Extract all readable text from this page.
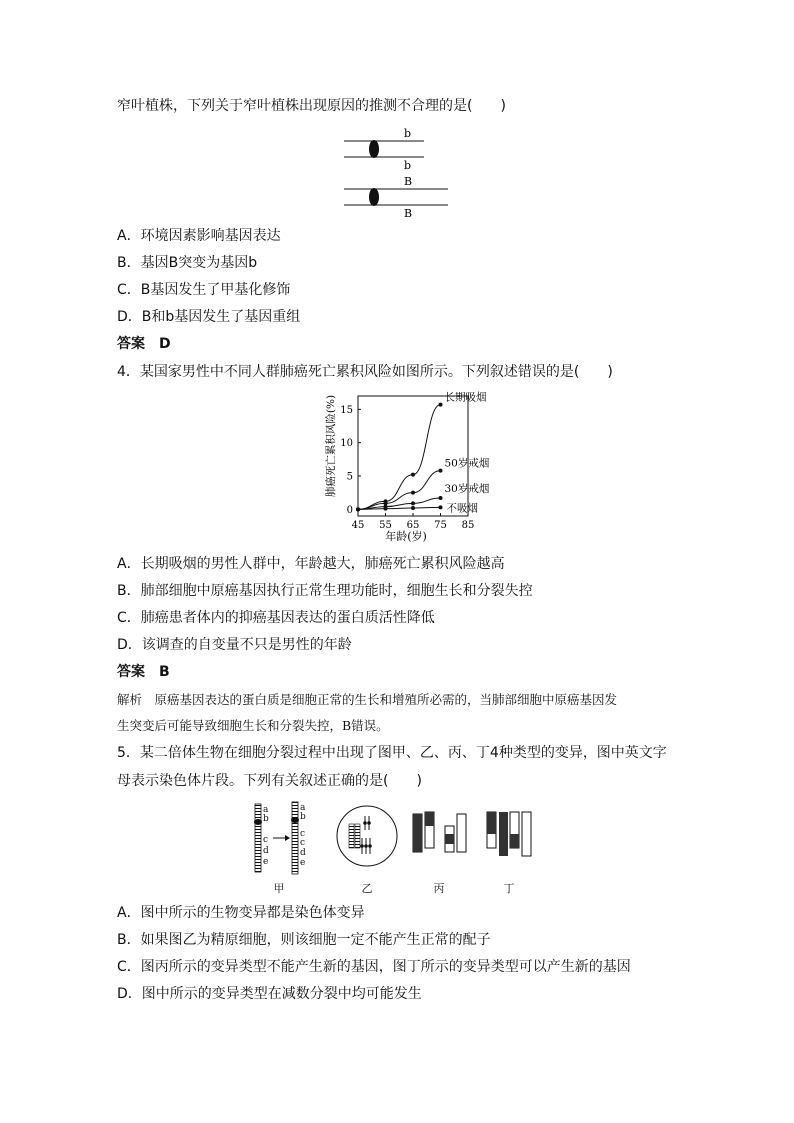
窄叶植株，下列关于窄叶植株出现原因的推测不合理的是(　　)
b
b
B
B
A．环境因素影响基因表达
B．基因B突变为基因b
C．B基因发生了甲基化修饰
D．B和b基因发生了基因重组
答案　D
4．某国家男性中不同人群肺癌死亡累积风险如图所示。下列叙述错误的是(　　)
肺癌死亡累积风险(%)
年龄(岁)
0
5
10
15
45 55 65 75 85
长期吸烟
50岁戒烟
30岁戒烟
不吸烟
A．长期吸烟的男性人群中，年龄越大，肺癌死亡累积风险越高
B．肺部细胞中原癌基因执行正常生理功能时，细胞生长和分裂失控
C．肺癌患者体内的抑癌基因表达的蛋白质活性降低
D．该调查的自变量不只是男性的年龄
答案　B
解析　原癌基因表达的蛋白质是细胞正常的生长和增殖所必需的，当肺部细胞中原癌基因发
生突变后可能导致细胞生长和分裂失控，B错误。
5．某二倍体生物在细胞分裂过程中出现了图甲、乙、丙、丁4种类型的变异，图中英文字
母表示染色体片段。下列有关叙述正确的是(　　)
a
b
c
d
e
a
b
c
c
d
e
甲	乙	丙	丁
A．图中所示的生物变异都是染色体变异
B．如果图乙为精原细胞，则该细胞一定不能产生正常的配子
C．图丙所示的变异类型不能产生新的基因，图丁所示的变异类型可以产生新的基因
D．图中所示的变异类型在减数分裂中均可能发生
